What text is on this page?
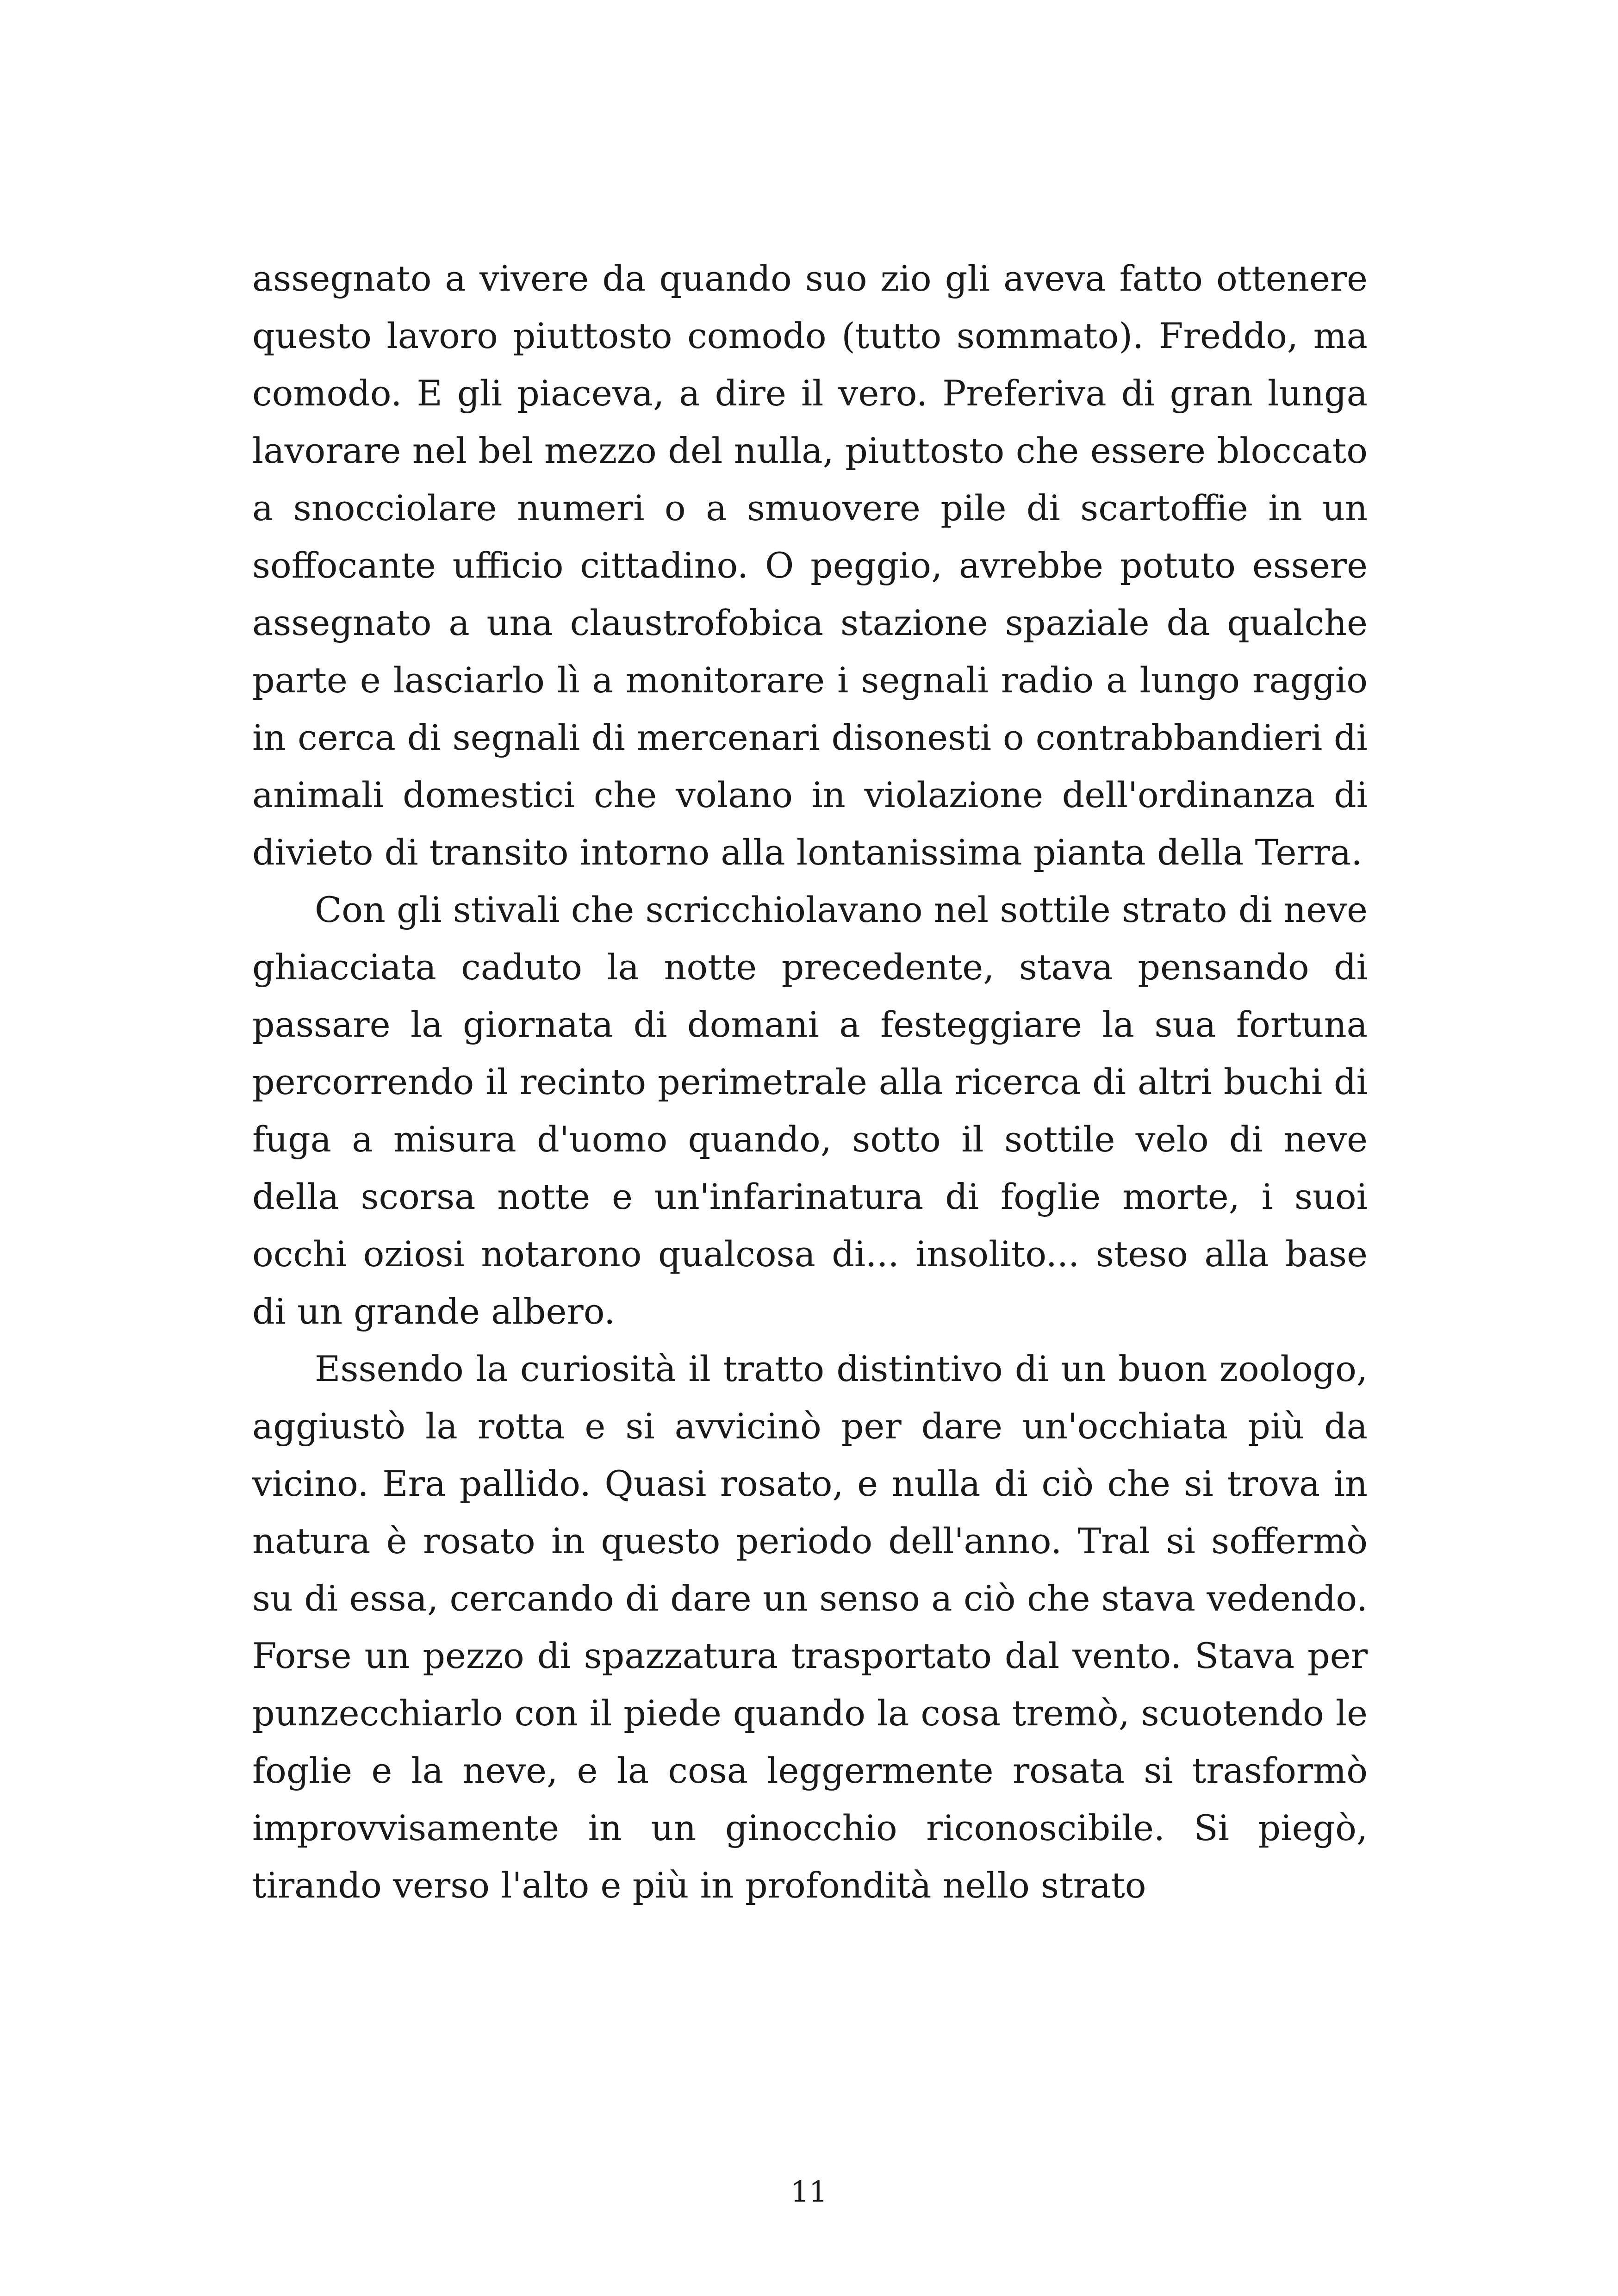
assegnato a vivere da quando suo zio gli aveva fatto ottenere questo lavoro piuttosto comodo (tutto sommato). Freddo, ma comodo. E gli piaceva, a dire il vero. Preferiva di gran lunga lavorare nel bel mezzo del nulla, piuttosto che essere bloccato a snocciolare numeri o a smuovere pile di scartoffie in un soffocante ufficio cittadino. O peggio, avrebbe potuto essere assegnato a una claustrofobica stazione spaziale da qualche parte e lasciarlo lì a monitorare i segnali radio a lungo raggio in cerca di segnali di mercenari disonesti o contrabbandieri di animali domestici che volano in violazione dell'ordinanza di divieto di transito intorno alla lontanissima pianta della Terra.

Con gli stivali che scricchiolavano nel sottile strato di neve ghiacciata caduto la notte precedente, stava pensando di passare la giornata di domani a festeggiare la sua fortuna percorrendo il recinto perimetrale alla ricerca di altri buchi di fuga a misura d'uomo quando, sotto il sottile velo di neve della scorsa notte e un'infarinatura di foglie morte, i suoi occhi oziosi notarono qualcosa di... insolito... steso alla base di un grande albero.

Essendo la curiosità il tratto distintivo di un buon zoologo, aggiustò la rotta e si avvicinò per dare un'occhiata più da vicino. Era pallido. Quasi rosato, e nulla di ciò che si trova in natura è rosato in questo periodo dell'anno. Tral si soffermò su di essa, cercando di dare un senso a ciò che stava vedendo. Forse un pezzo di spazzatura trasportato dal vento. Stava per punzecchiarlo con il piede quando la cosa tremò, scuotendo le foglie e la neve, e la cosa leggermente rosata si trasformò improvvisamente in un ginocchio riconoscibile. Si piegò, tirando verso l'alto e più in profondità nello strato

11
